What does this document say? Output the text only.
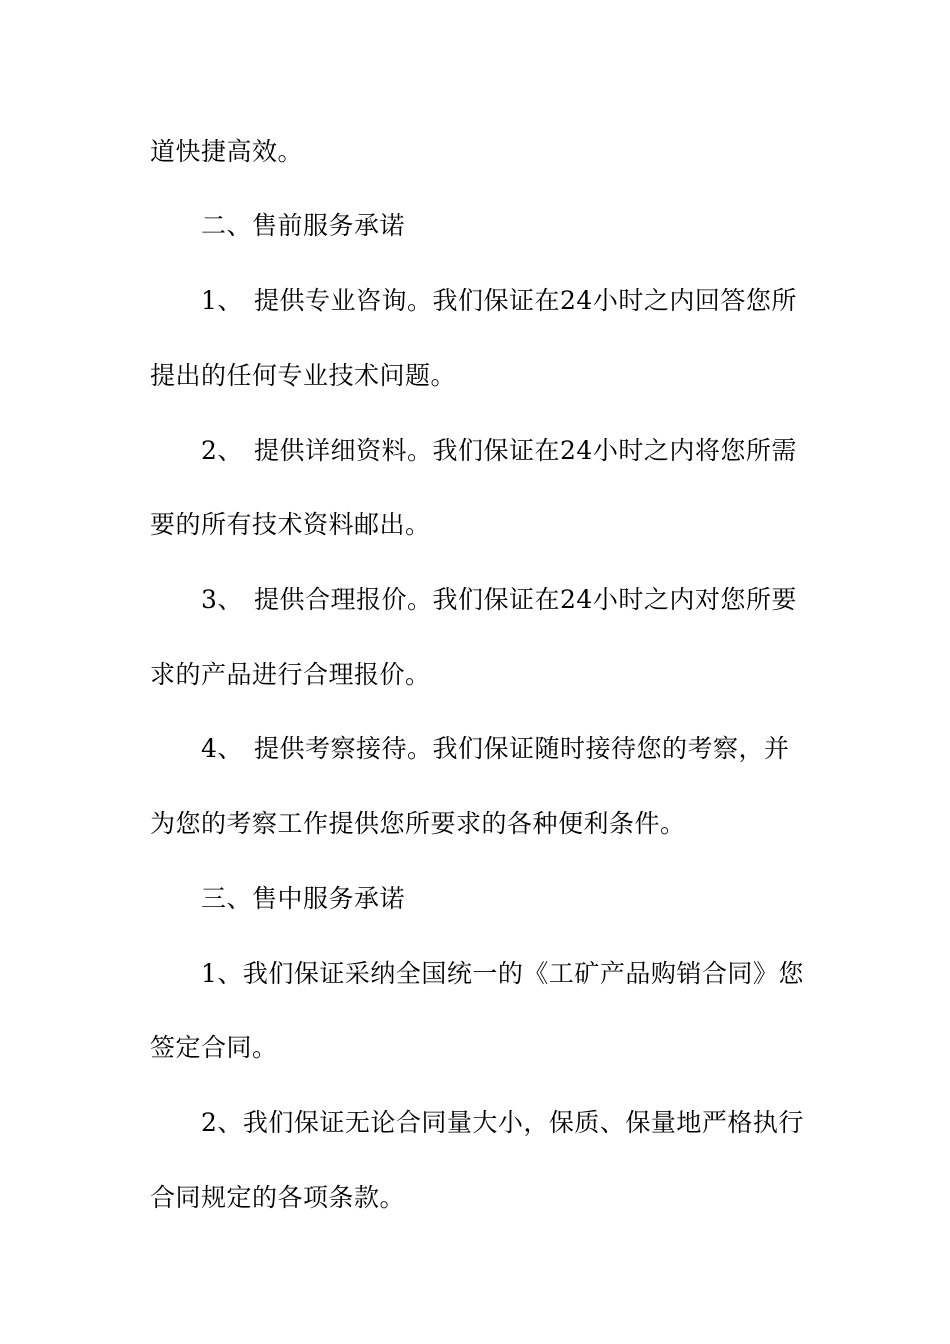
道快捷高效。
二、售前服务承诺
1、 提供专业咨询。我们保证在24小时之内回答您所
提出的任何专业技术问题。
2、 提供详细资料。我们保证在24小时之内将您所需
要的所有技术资料邮出。
3、 提供合理报价。我们保证在24小时之内对您所要
求的产品进行合理报价。
4、 提供考察接待。我们保证随时接待您的考察，并
为您的考察工作提供您所要求的各种便利条件。
三、售中服务承诺
1、我们保证采纳全国统一的《工矿产品购销合同》您
签定合同。
2、我们保证无论合同量大小，保质、保量地严格执行
合同规定的各项条款。
